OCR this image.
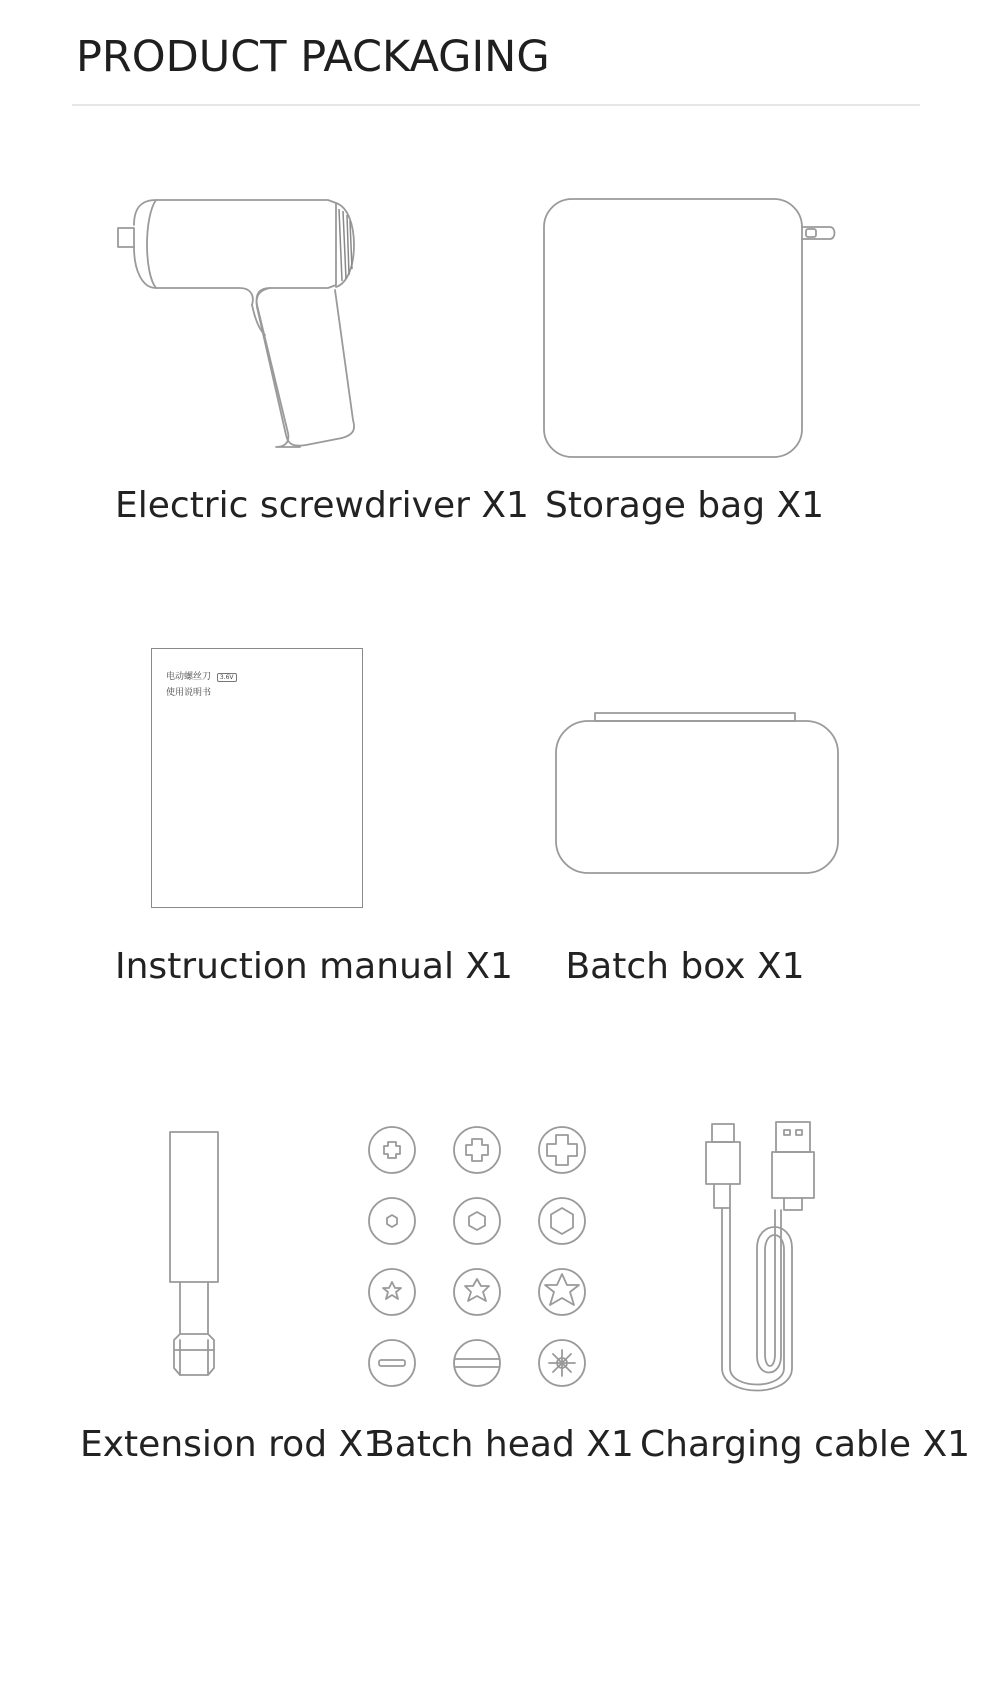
PRODUCT PACKAGING
Electric screwdriver X1 Storage bag X1
电动螺丝刀 3.6V
使用说明书
Instruction manual X1 Batch box X1
Extension rod X1
Batch head X1 Charging cable X1
